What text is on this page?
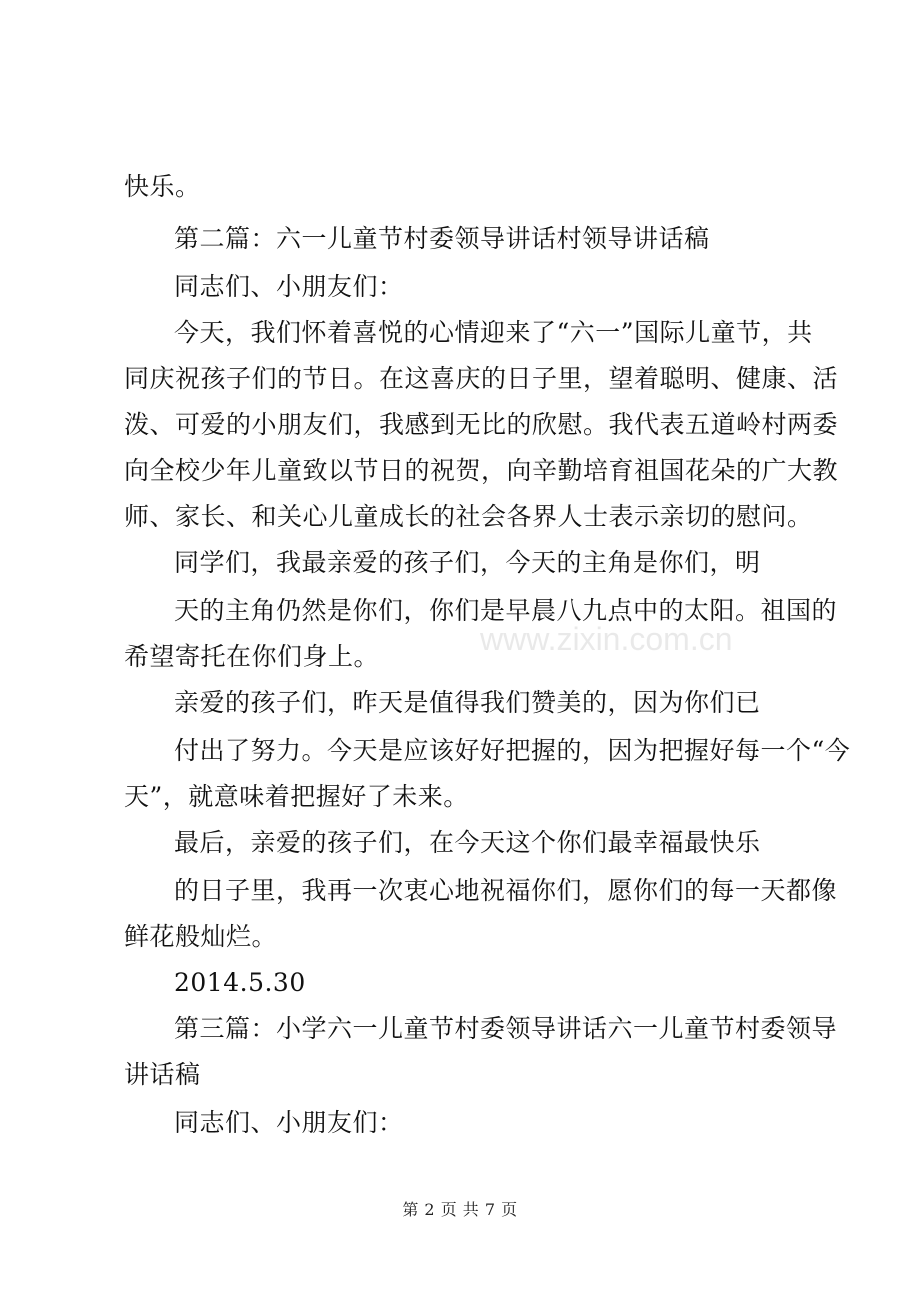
快乐。
第二篇：六一儿童节村委领导讲话村领导讲话稿
同志们、小朋友们：
今天，我们怀着喜悦的心情迎来了“六一”国际儿童节，共
同庆祝孩子们的节日。在这喜庆的日子里，望着聪明、健康、活
泼、可爱的小朋友们，我感到无比的欣慰。我代表五道岭村两委
向全校少年儿童致以节日的祝贺，向辛勤培育祖国花朵的广大教
师、家长、和关心儿童成长的社会各界人士表示亲切的慰问。
同学们，我最亲爱的孩子们，今天的主角是你们，明
天的主角仍然是你们，你们是早晨八九点中的太阳。祖国的
希望寄托在你们身上。
亲爱的孩子们，昨天是值得我们赞美的，因为你们已
付出了努力。今天是应该好好把握的，因为把握好每一个“今
天”，就意味着把握好了未来。
最后，亲爱的孩子们，在今天这个你们最幸福最快乐
的日子里，我再一次衷心地祝福你们，愿你们的每一天都像
鲜花般灿烂。
2014.5.30
第三篇：小学六一儿童节村委领导讲话六一儿童节村委领导
讲话稿
同志们、小朋友们：
www.zixin.com.cn
第 2 页 共 7 页
